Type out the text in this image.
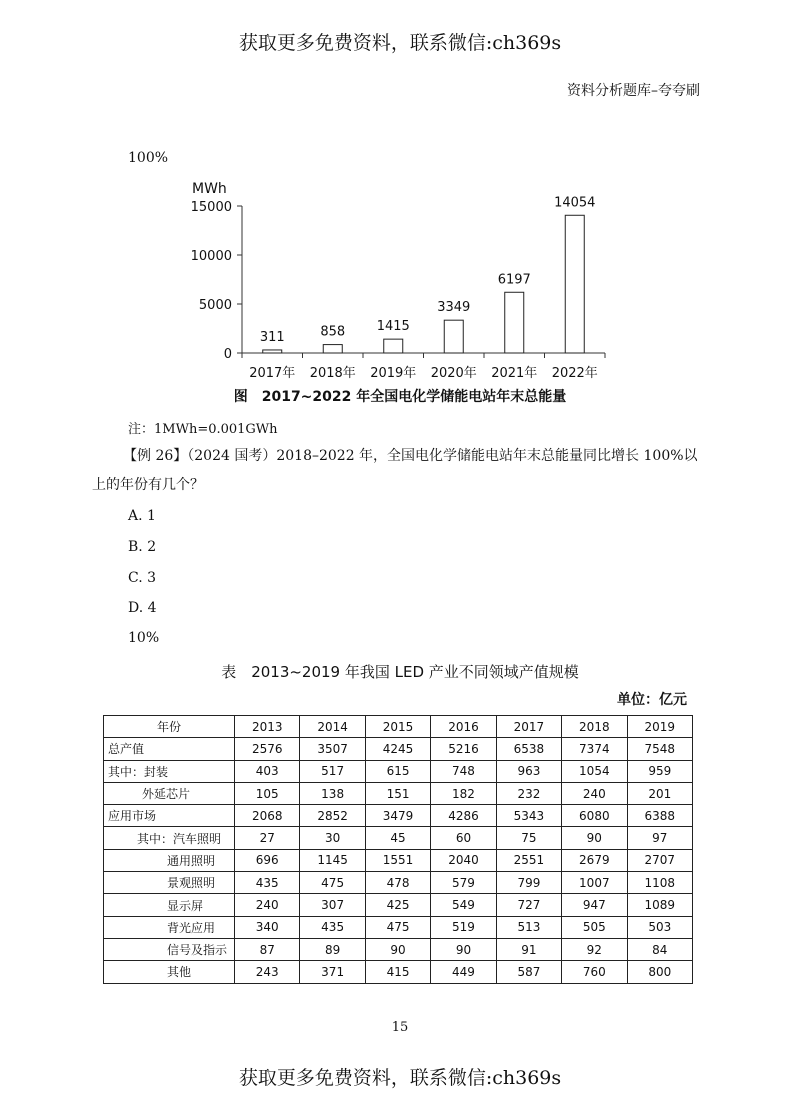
获取更多免费资料，联系微信:ch369s
资料分析题库–夸夸刷
100%
MWh
0
5000
10000
15000
311
2017年
858
2018年
1415
2019年
3349
2020年
6197
2021年
14054
2022年
图　2017~2022 年全国电化学储能电站年末总能量
注：1MWh=0.001GWh
【例 26】（2024 国考）2018–2022 年，全国电化学储能电站年末总能量同比增长 100%以
上的年份有几个？
A. 1
B. 2
C. 3
D. 4
10%
表　2013~2019 年我国 LED 产业不同领域产值规模
单位：亿元
年份	2013	2014	2015	2016	2017	2018	2019
总产值	2576	3507	4245	5216	6538	7374	7548
其中：封装	403	517	615	748	963	1054	959
外延芯片	105	138	151	182	232	240	201
应用市场	2068	2852	3479	4286	5343	6080	6388
其中：汽车照明	27	30	45	60	75	90	97
通用照明	696	1145	1551	2040	2551	2679	2707
景观照明	435	475	478	579	799	1007	1108
显示屏	240	307	425	549	727	947	1089
背光应用	340	435	475	519	513	505	503
信号及指示	87	89	90	90	91	92	84
其他	243	371	415	449	587	760	800
15
获取更多免费资料，联系微信:ch369s
